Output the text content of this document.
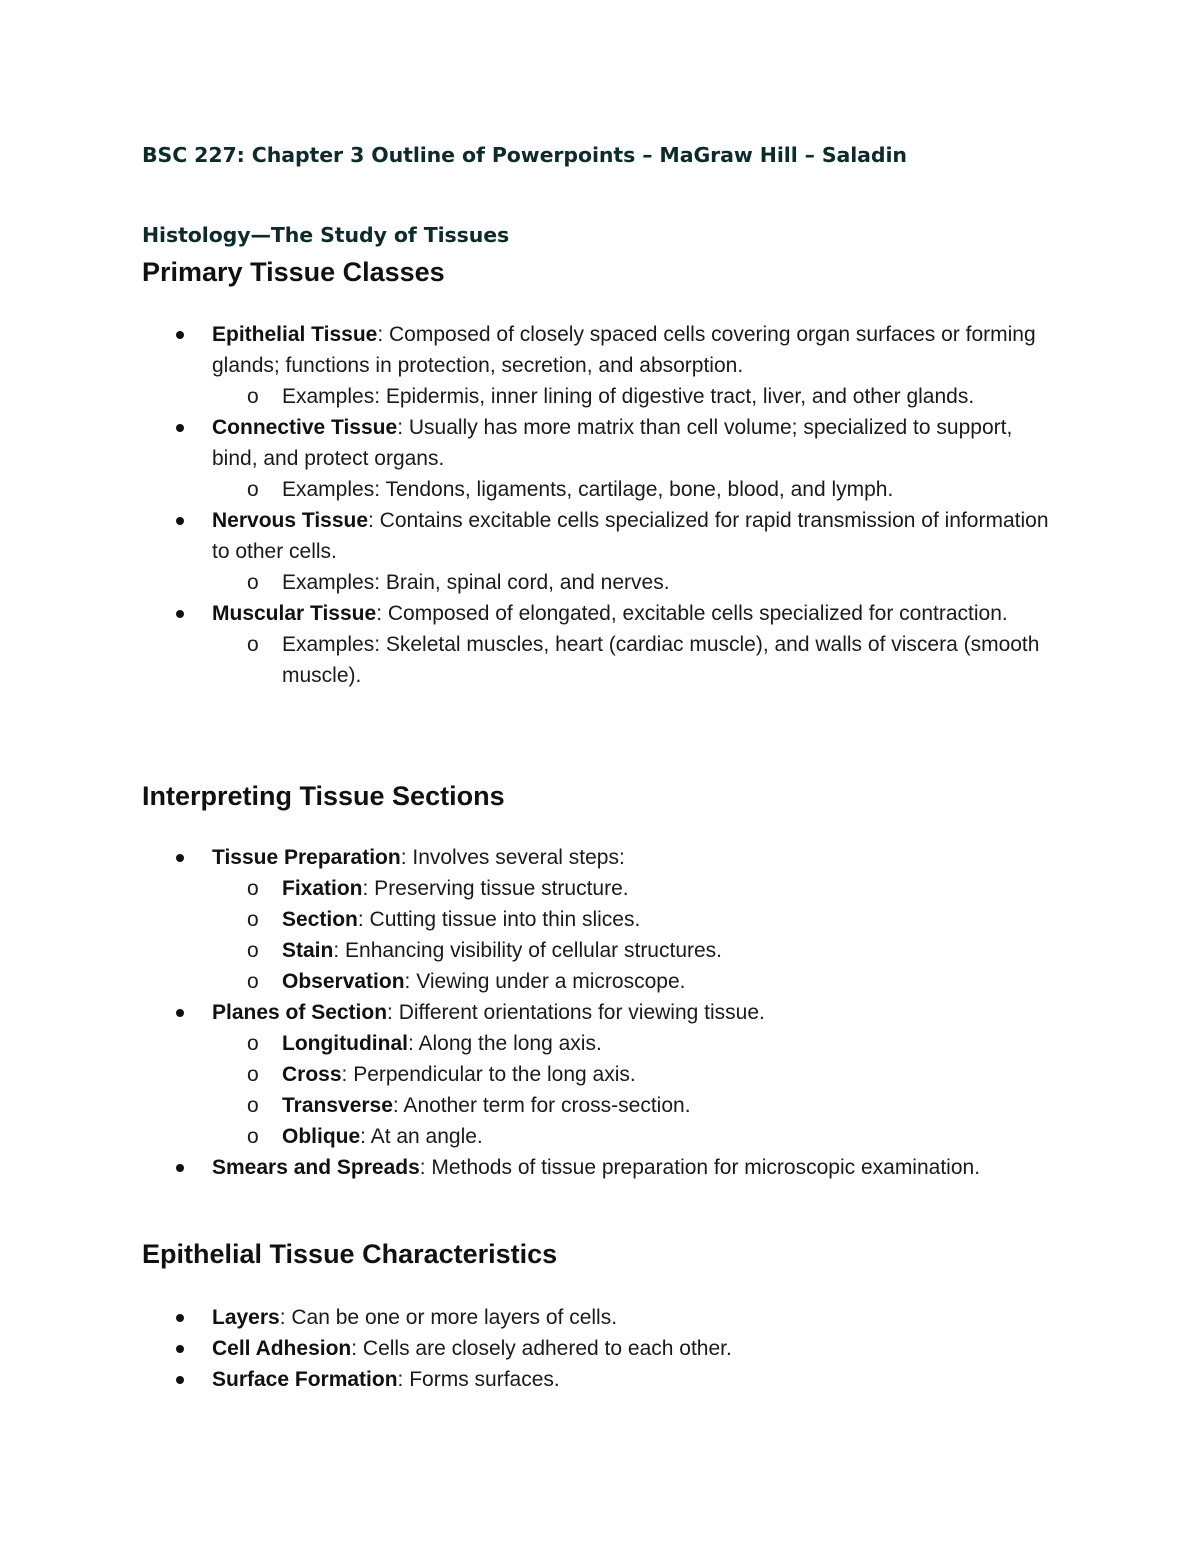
BSC 227: Chapter 3 Outline of Powerpoints – MaGraw Hill – Saladin
Histology—The Study of Tissues
Primary Tissue Classes
Epithelial Tissue: Composed of closely spaced cells covering organ surfaces or forming glands; functions in protection, secretion, and absorption.
o Examples: Epidermis, inner lining of digestive tract, liver, and other glands.
Connective Tissue: Usually has more matrix than cell volume; specialized to support, bind, and protect organs.
o Examples: Tendons, ligaments, cartilage, bone, blood, and lymph.
Nervous Tissue: Contains excitable cells specialized for rapid transmission of information to other cells.
o Examples: Brain, spinal cord, and nerves.
Muscular Tissue: Composed of elongated, excitable cells specialized for contraction.
o Examples: Skeletal muscles, heart (cardiac muscle), and walls of viscera (smooth muscle).
Interpreting Tissue Sections
Tissue Preparation: Involves several steps:
o Fixation: Preserving tissue structure.
o Section: Cutting tissue into thin slices.
o Stain: Enhancing visibility of cellular structures.
o Observation: Viewing under a microscope.
Planes of Section: Different orientations for viewing tissue.
o Longitudinal: Along the long axis.
o Cross: Perpendicular to the long axis.
o Transverse: Another term for cross-section.
o Oblique: At an angle.
Smears and Spreads: Methods of tissue preparation for microscopic examination.
Epithelial Tissue Characteristics
Layers: Can be one or more layers of cells.
Cell Adhesion: Cells are closely adhered to each other.
Surface Formation: Forms surfaces.
